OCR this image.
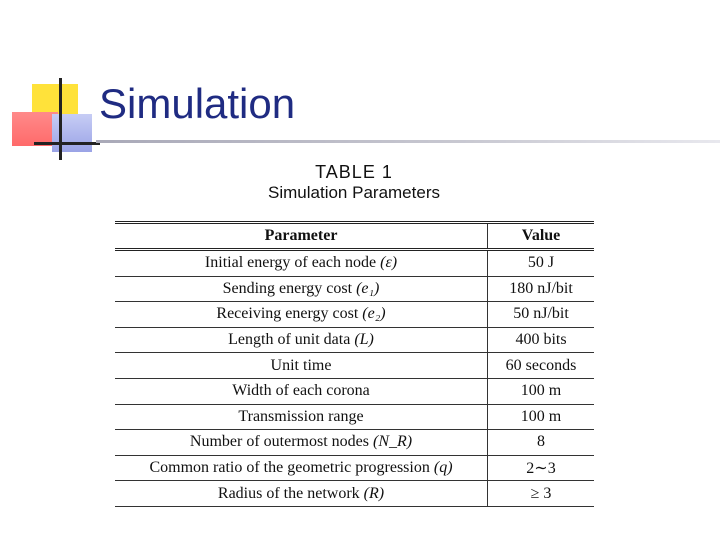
Simulation
TABLE 1
Simulation Parameters
Parameter	Value
Initial energy of each node (ε)	50 J
Sending energy cost (e₁)	180 nJ/bit
Receiving energy cost (e₂)	50 nJ/bit
Length of unit data (L)	400 bits
Unit time	60 seconds
Width of each corona	100 m
Transmission range	100 m
Number of outermost nodes (N_R)	8
Common ratio of the geometric progression (q)	2∼3
Radius of the network (R)	≥ 3
